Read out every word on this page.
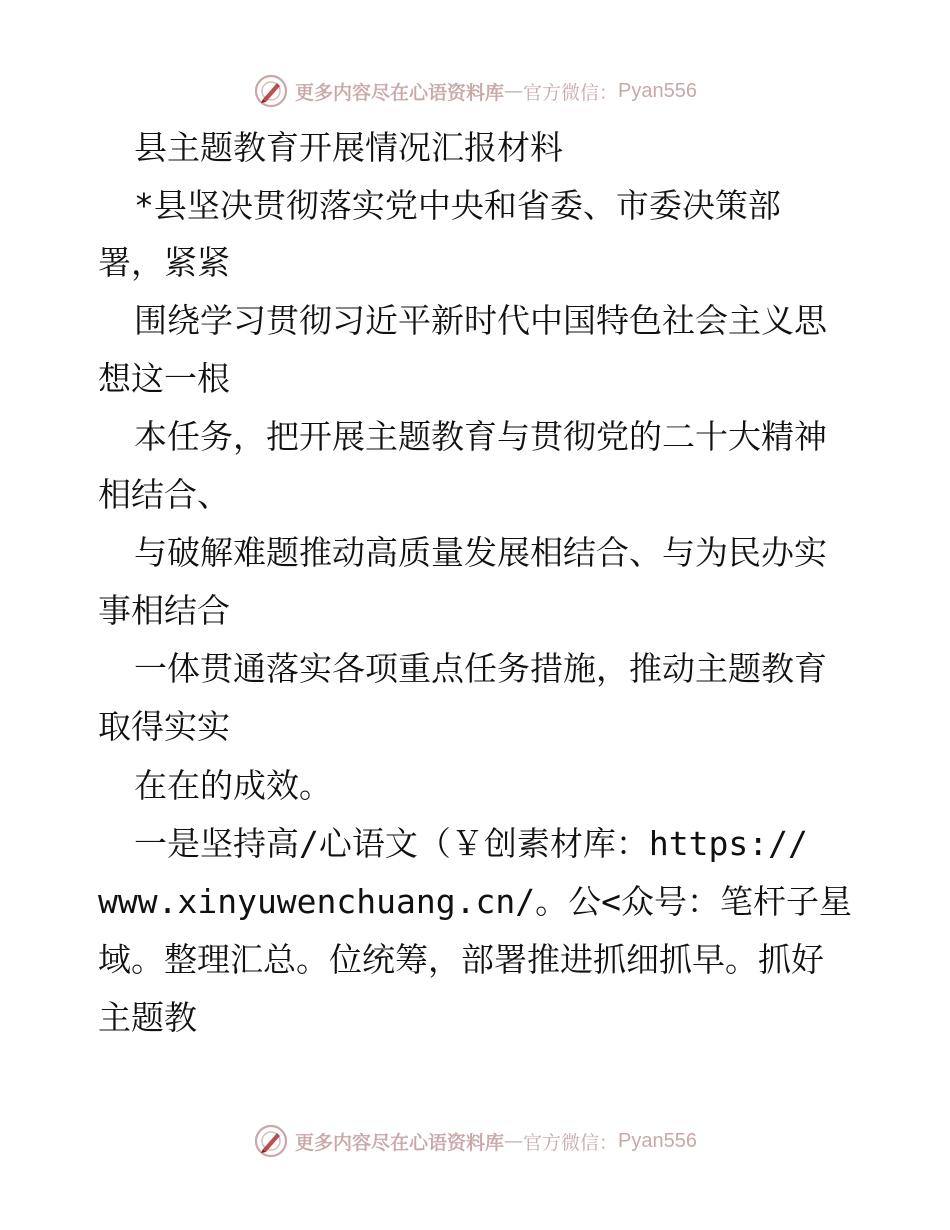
更多内容尽在心语资料库 — 官方微信： Pyan556
县主题教育开展情况汇报材料
*县坚决贯彻落实党中央和省委、市委决策部
署，紧紧
围绕学习贯彻习近平新时代中国特色社会主义思
想这一根
本任务，把开展主题教育与贯彻党的二十大精神
相结合、
与破解难题推动高质量发展相结合、与为民办实
事相结合
一体贯通落实各项重点任务措施，推动主题教育
取得实实
在在的成效。
一是坚持高/心语文（￥创素材库：https://
www.xinyuwenchuang.cn/。公<众号：笔杆子星
域。整理汇总。位统筹，部署推进抓细抓早。抓好
主题教
更多内容尽在心语资料库 — 官方微信： Pyan556
